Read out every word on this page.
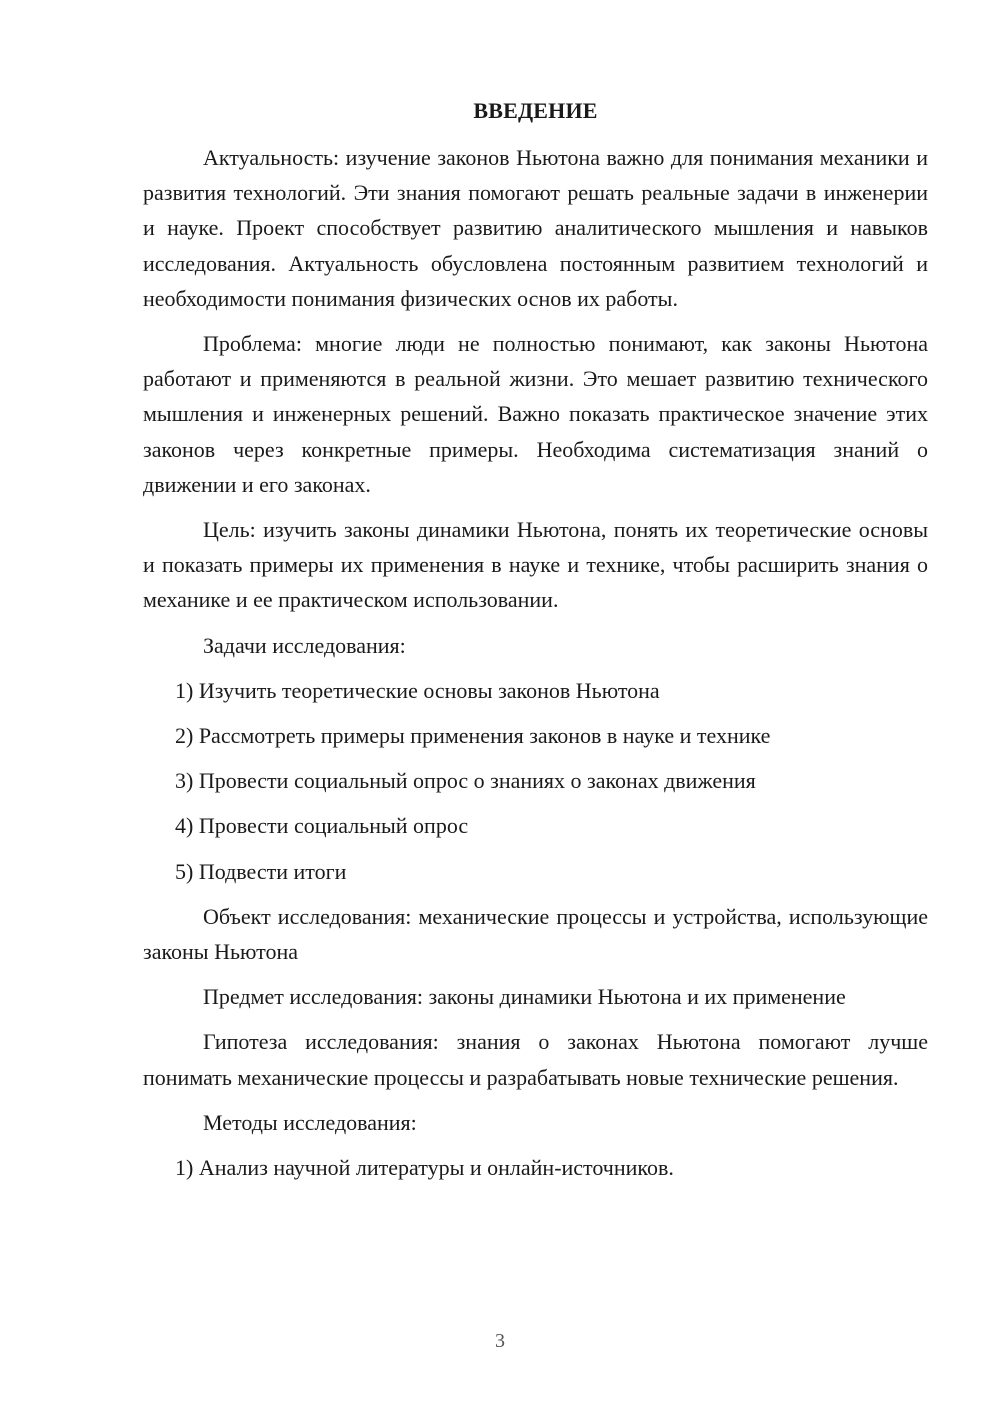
ВВЕДЕНИЕ

Актуальность: изучение законов Ньютона важно для понимания механики и развития технологий. Эти знания помогают решать реальные задачи в инженерии и науке. Проект способствует развитию аналитического мышления и навыков исследования. Актуальность обусловлена постоянным развитием технологий и необходимости понимания физических основ их работы.

Проблема: многие люди не полностью понимают, как законы Ньютона работают и применяются в реальной жизни. Это мешает развитию технического мышления и инженерных решений. Важно показать практическое значение этих законов через конкретные примеры. Необходима систематизация знаний о движении и его законах.

Цель: изучить законы динамики Ньютона, понять их теоретические основы и показать примеры их применения в науке и технике, чтобы расширить знания о механике и ее практическом использовании.

Задачи исследования:

1) Изучить теоретические основы законов Ньютона

2) Рассмотреть примеры применения законов в науке и технике

3) Провести социальный опрос о знаниях о законах движения

4) Провести социальный опрос

5) Подвести итоги

Объект исследования: механические процессы и устройства, использующие законы Ньютона

Предмет исследования: законы динамики Ньютона и их применение

Гипотеза исследования: знания о законах Ньютона помогают лучше понимать механические процессы и разрабатывать новые технические решения.

Методы исследования:

1) Анализ научной литературы и онлайн-источников.

3
